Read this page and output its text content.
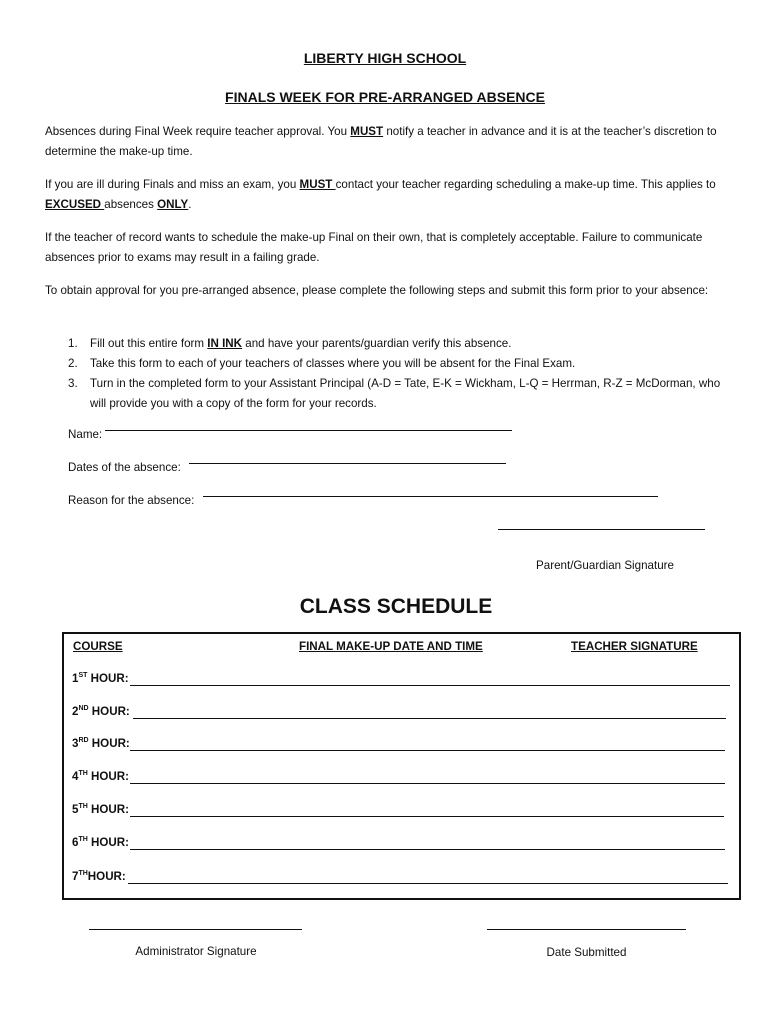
LIBERTY HIGH SCHOOL
FINALS WEEK FOR PRE-ARRANGED ABSENCE
Absences during Final Week require teacher approval. You MUST notify a teacher in advance and it is at the teacher’s discretion to determine the make-up time.
If you are ill during Finals and miss an exam, you MUST contact your teacher regarding scheduling a make-up time. This applies to EXCUSED absences ONLY.
If the teacher of record wants to schedule the make-up Final on their own, that is completely acceptable. Failure to communicate absences prior to exams may result in a failing grade.
To obtain approval for you pre-arranged absence, please complete the following steps and submit this form prior to your absence:
1. Fill out this entire form IN INK and have your parents/guardian verify this absence.
2. Take this form to each of your teachers of classes where you will be absent for the Final Exam.
3. Turn in the completed form to your Assistant Principal (A-D = Tate, E-K = Wickham, L-Q = Herrman, R-Z = McDorman, who will provide you with a copy of the form for your records.
Name:
Dates of the absence:
Reason for the absence:
Parent/Guardian Signature
CLASS SCHEDULE
COURSE	FINAL MAKE-UP DATE AND TIME	TEACHER SIGNATURE
1ST HOUR:
2ND HOUR:
3RD HOUR:
4TH HOUR:
5TH HOUR:
6TH HOUR:
7THHOUR:
Administrator Signature	Date Submitted
